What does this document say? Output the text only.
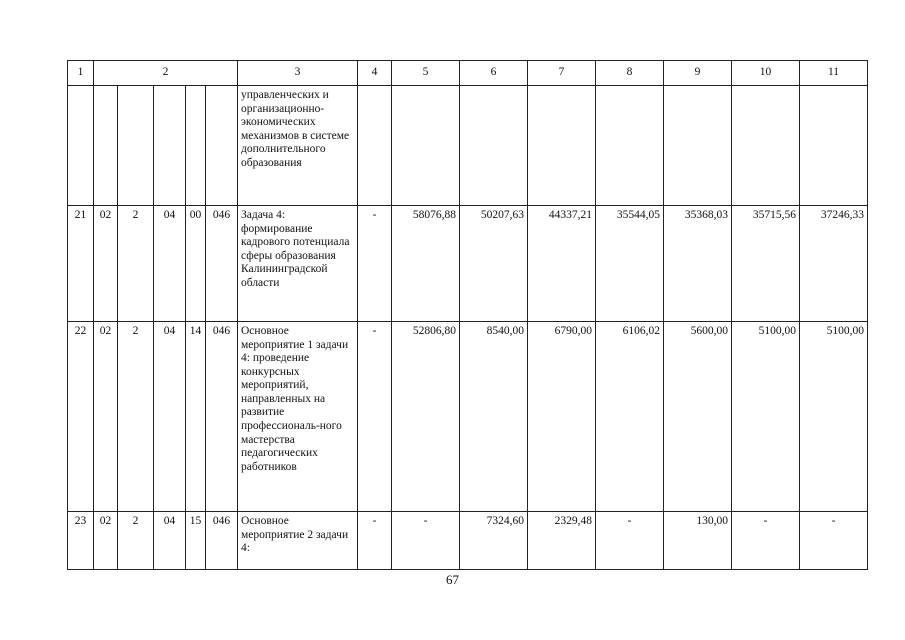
1	2					3	4	5	6	7	8	9	10	11
						управленческих и организационно-экономических механизмов в системе дополнительного образования								
21	02	2	04	00	046	Задача 4: формирование кадрового потенциала сферы образования Калининградской области	-	58076,88	50207,63	44337,21	35544,05	35368,03	35715,56	37246,33
22	02	2	04	14	046	Основное мероприятие 1 задачи 4: проведение конкурсных мероприятий, направленных на развитие профессиональ-ного мастерства педагогических работников	-	52806,80	8540,00	6790,00	6106,02	5600,00	5100,00	5100,00
23	02	2	04	15	046	Основное мероприятие 2 задачи 4:	-	-	7324,60	2329,48	-	130,00	-	-
67
